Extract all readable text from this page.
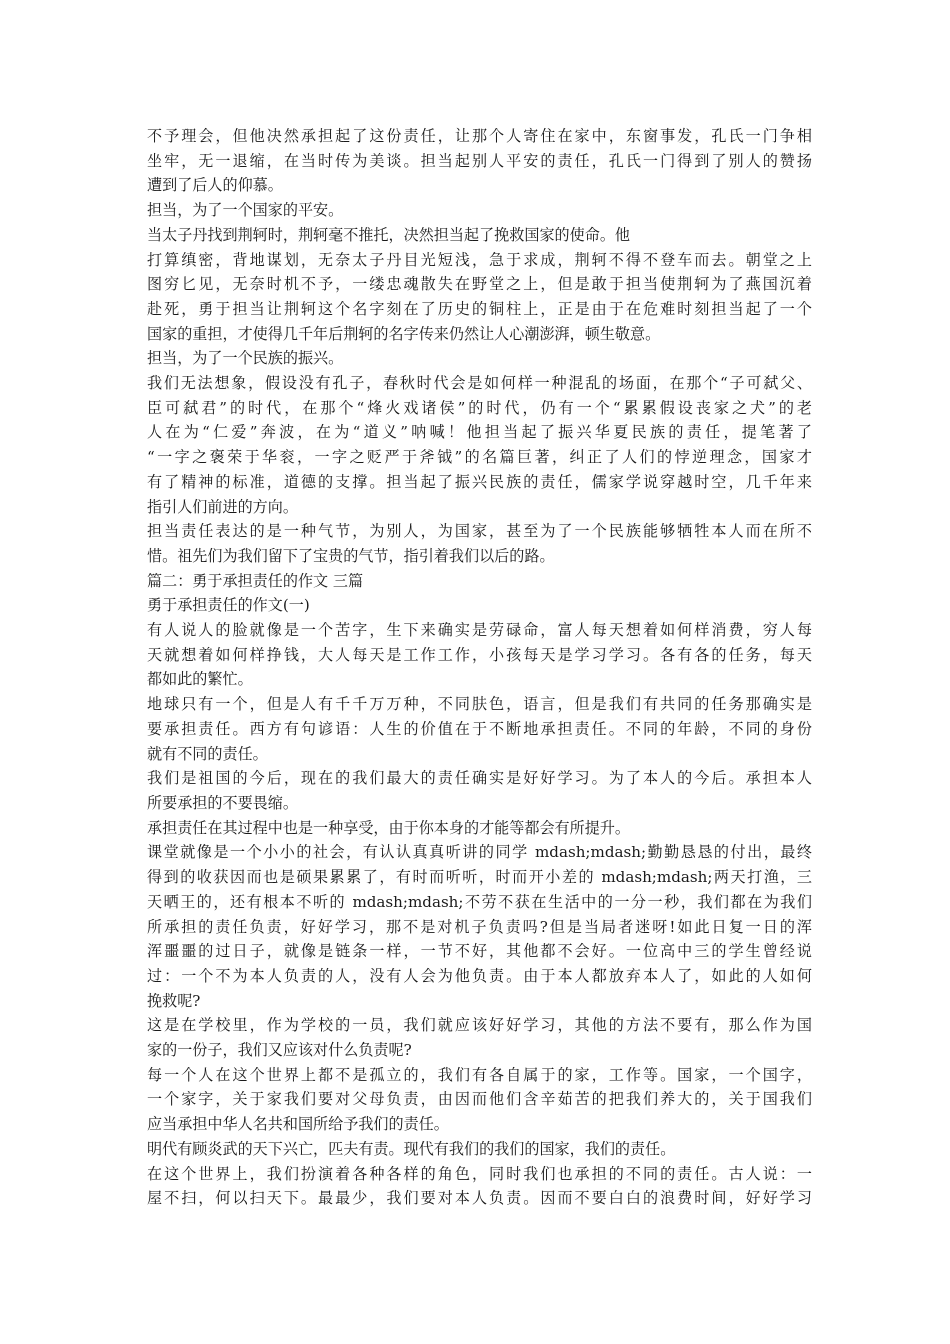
不予理会，但他决然承担起了这份责任，让那个人寄住在家中，东窗事发，孔氏一门争相
坐牢，无一退缩，在当时传为美谈。担当起别人平安的责任，孔氏一门得到了别人的赞扬
遭到了后人的仰慕。
担当，为了一个国家的平安。
当太子丹找到荆轲时，荆轲毫不推托，决然担当起了挽救国家的使命。他
打算缜密，背地谋划，无奈太子丹目光短浅，急于求成，荆轲不得不登车而去。朝堂之上
图穷匕见，无奈时机不予，一缕忠魂散失在野堂之上，但是敢于担当使荆轲为了燕国沉着
赴死，勇于担当让荆轲这个名字刻在了历史的铜柱上，正是由于在危难时刻担当起了一个
国家的重担，才使得几千年后荆轲的名字传来仍然让人心潮澎湃，顿生敬意。
担当，为了一个民族的振兴。
我们无法想象，假设没有孔子，春秋时代会是如何样一种混乱的场面，在那个“子可弑父、
臣可弑君”的时代，在那个“烽火戏诸侯”的时代，仍有一个“累累假设丧家之犬”的老
人在为“仁爱”奔波，在为“道义”呐喊！他担当起了振兴华夏民族的责任，提笔著了
“一字之褒荣于华衮，一字之贬严于斧钺”的名篇巨著，纠正了人们的悖逆理念，国家才
有了精神的标准，道德的支撑。担当起了振兴民族的责任，儒家学说穿越时空，几千年来
指引人们前进的方向。
担当责任表达的是一种气节，为别人，为国家，甚至为了一个民族能够牺牲本人而在所不
惜。祖先们为我们留下了宝贵的气节，指引着我们以后的路。
篇二：勇于承担责任的作文 三篇
勇于承担责任的作文(一)
有人说人的脸就像是一个苦字，生下来确实是劳碌命，富人每天想着如何样消费，穷人每
天就想着如何样挣钱，大人每天是工作工作，小孩每天是学习学习。各有各的任务，每天
都如此的繁忙。
地球只有一个，但是人有千千万万种，不同肤色，语言，但是我们有共同的任务那确实是
要承担责任。西方有句谚语：人生的价值在于不断地承担责任。不同的年龄，不同的身份
就有不同的责任。
我们是祖国的今后，现在的我们最大的责任确实是好好学习。为了本人的今后。承担本人
所要承担的不要畏缩。
承担责任在其过程中也是一种享受，由于你本身的才能等都会有所提升。
课堂就像是一个小小的社会，有认认真真听讲的同学 mdash;mdash;勤勤恳恳的付出，最终
得到的收获因而也是硕果累累了，有时而听听，时而开小差的 mdash;mdash;两天打渔，三
天晒王的，还有根本不听的 mdash;mdash;不劳不获在生活中的一分一秒，我们都在为我们
所承担的责任负责，好好学习，那不是对机子负责吗?但是当局者迷呀!如此日复一日的浑
浑噩噩的过日子，就像是链条一样，一节不好，其他都不会好。一位高中三的学生曾经说
过：一个不为本人负责的人，没有人会为他负责。由于本人都放弃本人了，如此的人如何
挽救呢?
这是在学校里，作为学校的一员，我们就应该好好学习，其他的方法不要有，那么作为国
家的一份子，我们又应该对什么负责呢?
每一个人在这个世界上都不是孤立的，我们有各自属于的家，工作等。国家，一个国字，
一个家字，关于家我们要对父母负责，由因而他们含辛茹苦的把我们养大的，关于国我们
应当承担中华人名共和国所给予我们的责任。
明代有顾炎武的天下兴亡，匹夫有责。现代有我们的我们的国家，我们的责任。
在这个世界上，我们扮演着各种各样的角色，同时我们也承担的不同的责任。古人说：一
屋不扫，何以扫天下。最最少，我们要对本人负责。因而不要白白的浪费时间，好好学习
